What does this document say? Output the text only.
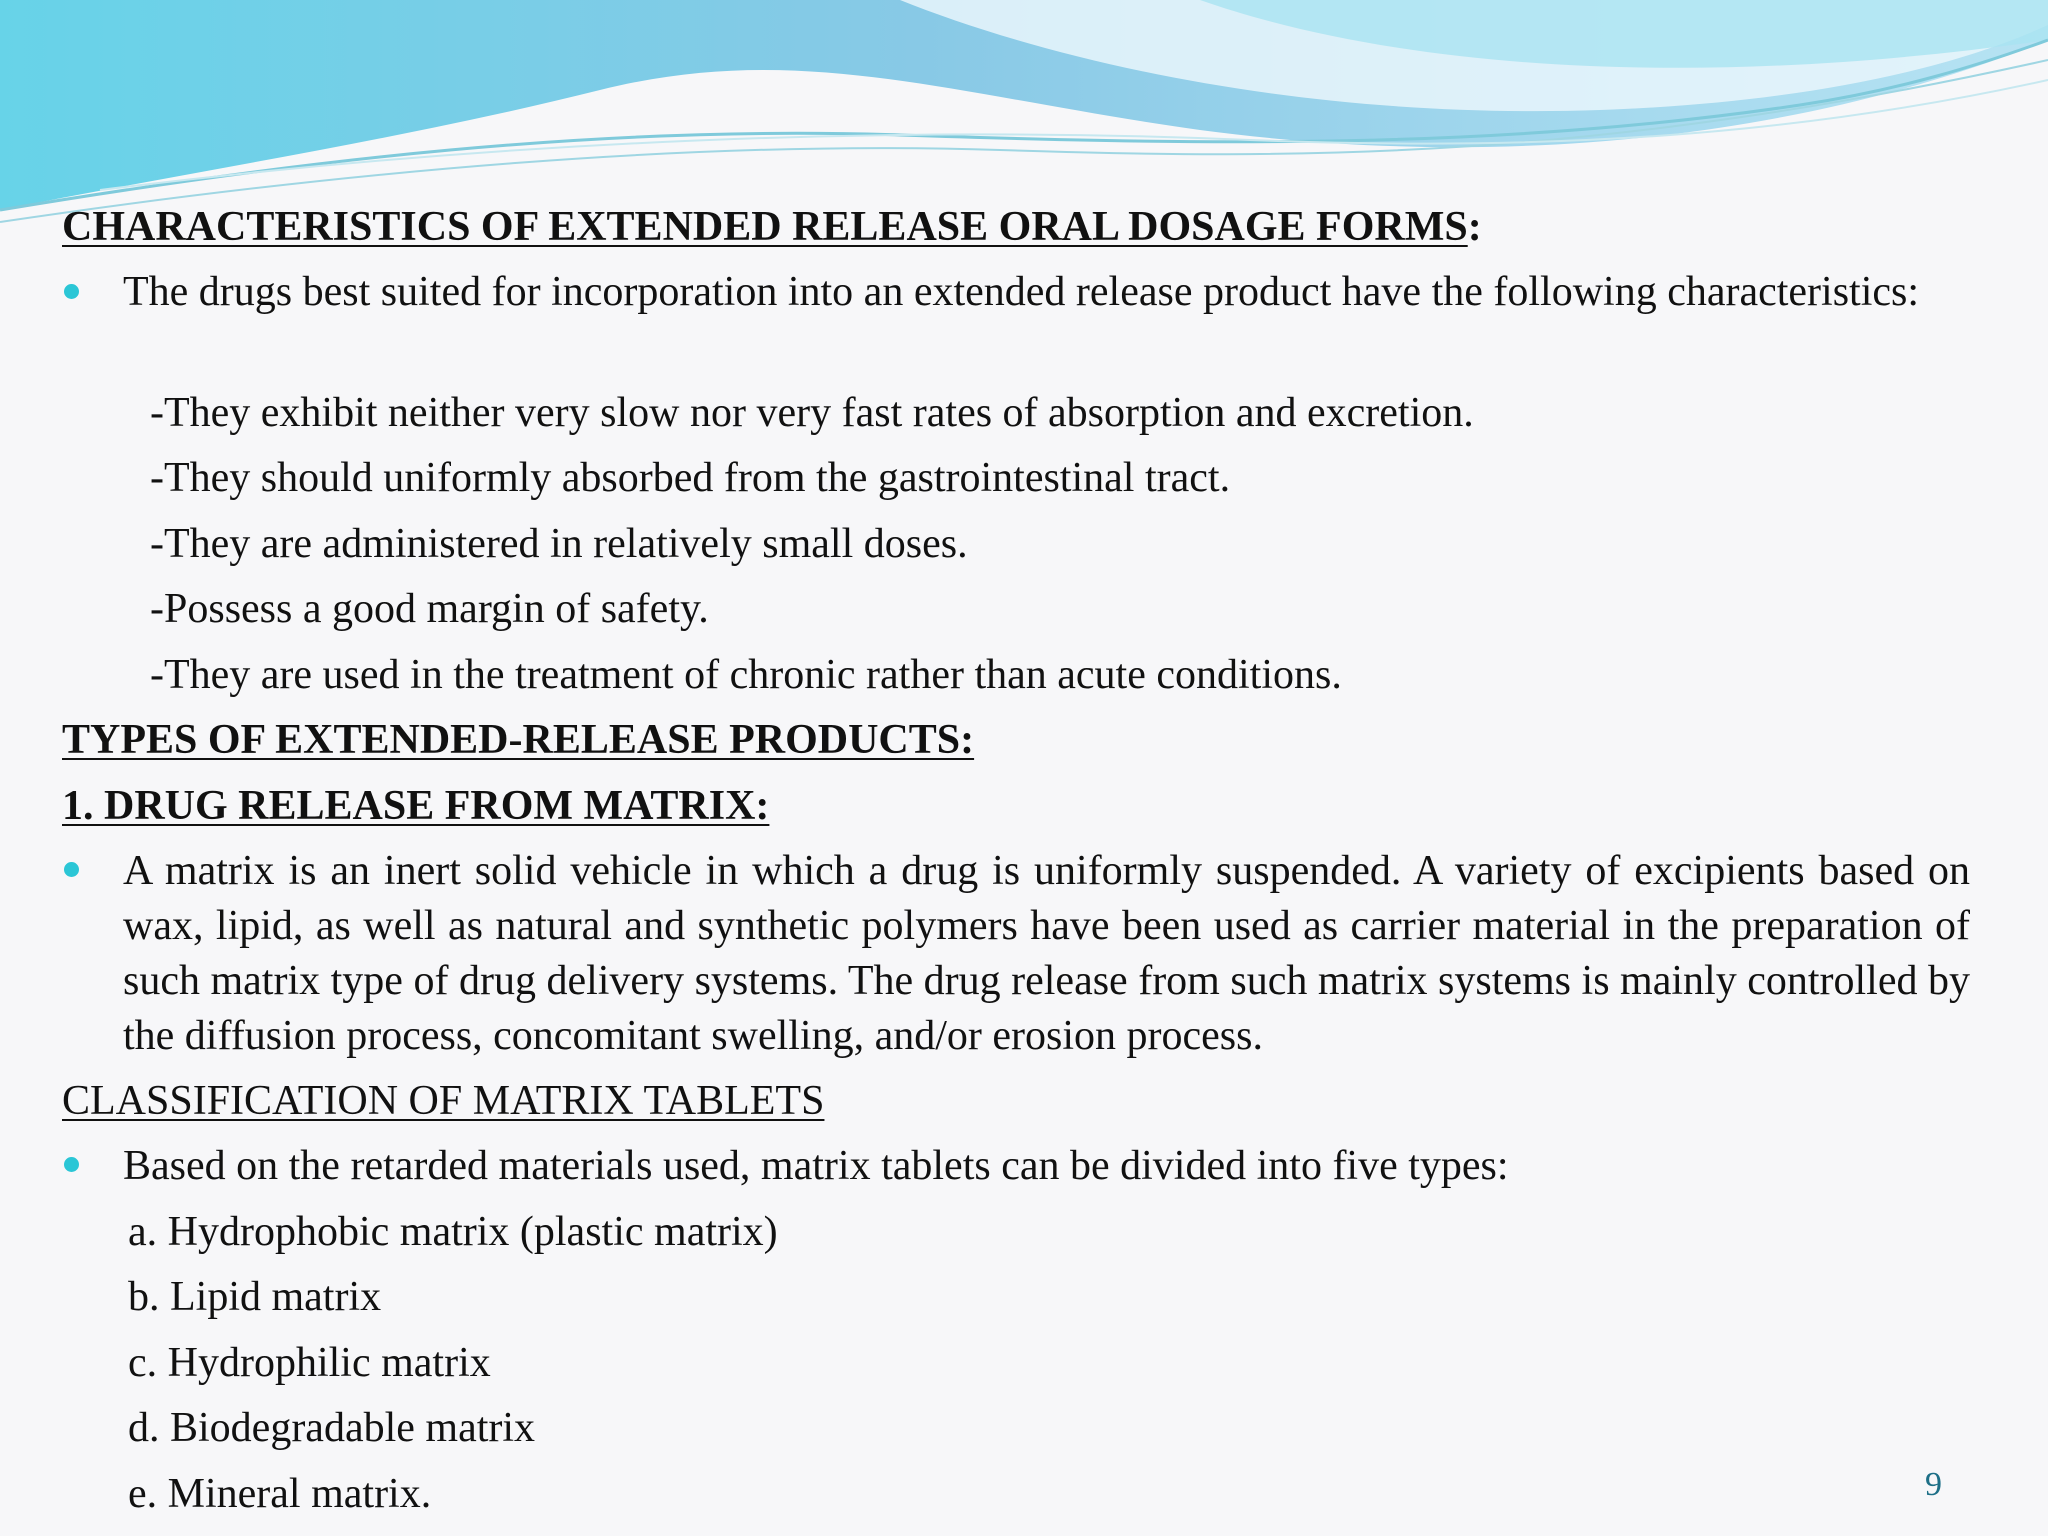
CHARACTERISTICS OF EXTENDED RELEASE ORAL DOSAGE FORMS:
The drugs best suited for incorporation into an extended release product have the following characteristics:
-They exhibit neither very slow nor very fast rates of absorption and excretion.
-They should uniformly absorbed from the gastrointestinal tract.
-They are administered in relatively small doses.
-Possess a good margin of safety.
-They are used in the treatment of chronic rather than acute conditions.
TYPES OF EXTENDED-RELEASE PRODUCTS:
1. DRUG RELEASE FROM MATRIX:
A matrix is an inert solid vehicle in which a drug is uniformly suspended. A variety of excipients based on wax, lipid, as well as natural and synthetic polymers have been used as carrier material in the preparation of such matrix type of drug delivery systems. The drug release from such matrix systems is mainly controlled by the diffusion process, concomitant swelling, and/or erosion process.
CLASSIFICATION OF MATRIX TABLETS
Based on the retarded materials used, matrix tablets can be divided into five types:
a. Hydrophobic matrix (plastic matrix)
b. Lipid matrix
c. Hydrophilic matrix
d. Biodegradable matrix
e. Mineral matrix.	9
